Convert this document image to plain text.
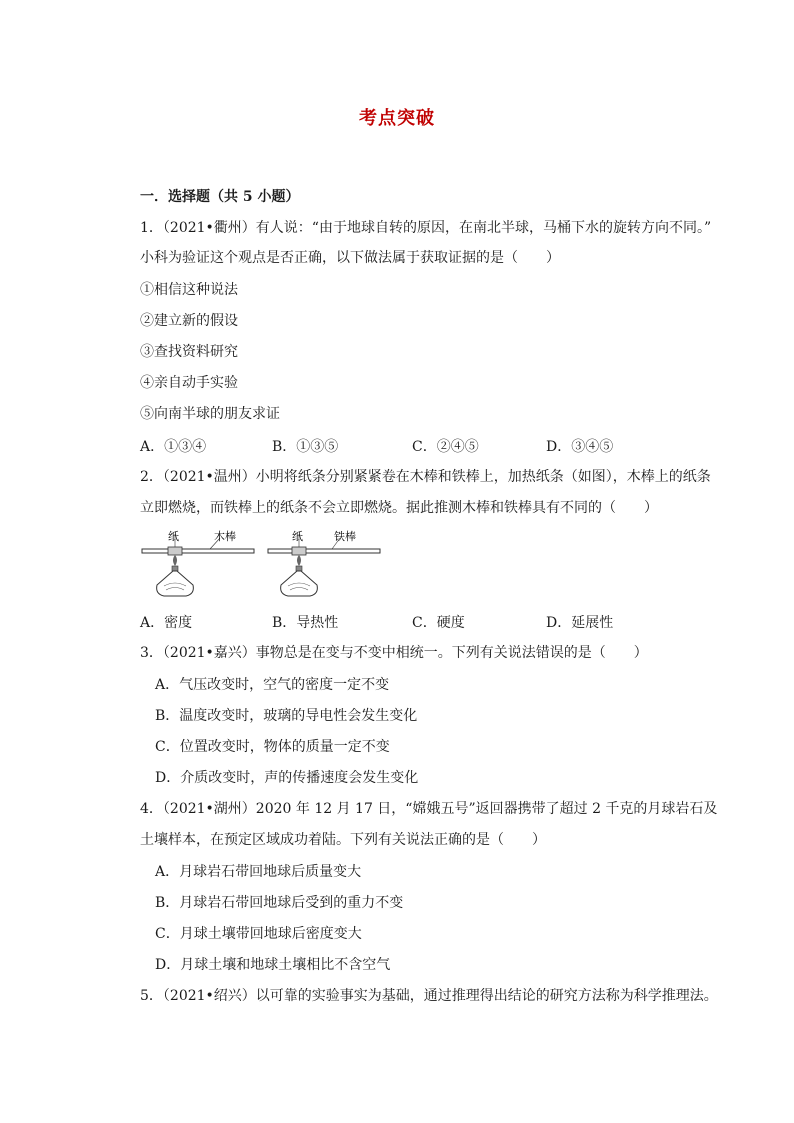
考点突破
一．选择题（共 5 小题）
1．（2021•衢州）有人说：“由于地球自转的原因，在南北半球，马桶下水的旋转方向不同。”
小科为验证这个观点是否正确，以下做法属于获取证据的是（　　）
①相信这种说法
②建立新的假设
③查找资料研究
④亲自动手实验
⑤向南半球的朋友求证
A．①③④	B．①③⑤	C．②④⑤	D．③④⑤
2．（2021•温州）小明将纸条分别紧紧卷在木棒和铁棒上，加热纸条（如图），木棒上的纸条
立即燃烧，而铁棒上的纸条不会立即燃烧。据此推测木棒和铁棒具有不同的（　　）
纸	木棒	纸	铁棒
A．密度	B．导热性	C．硬度	D．延展性
3．（2021•嘉兴）事物总是在变与不变中相统一。下列有关说法错误的是（　　）
A．气压改变时，空气的密度一定不变
B．温度改变时，玻璃的导电性会发生变化
C．位置改变时，物体的质量一定不变
D．介质改变时，声的传播速度会发生变化
4．（2021•湖州）2020 年 12 月 17 日，“嫦娥五号”返回器携带了超过 2 千克的月球岩石及
土壤样本，在预定区域成功着陆。下列有关说法正确的是（　　）
A．月球岩石带回地球后质量变大
B．月球岩石带回地球后受到的重力不变
C．月球土壤带回地球后密度变大
D．月球土壤和地球土壤相比不含空气
5．（2021•绍兴）以可靠的实验事实为基础，通过推理得出结论的研究方法称为科学推理法。
